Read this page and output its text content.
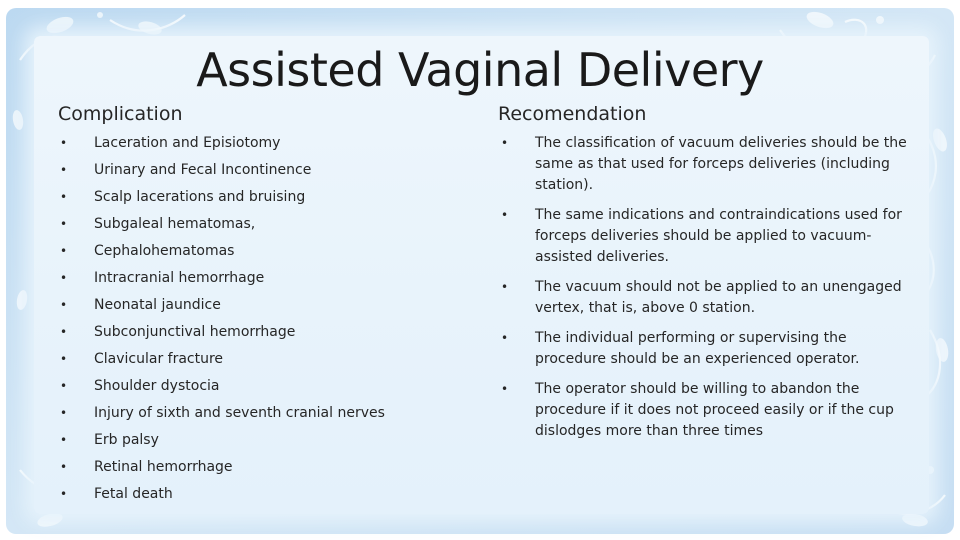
Assisted Vaginal Delivery
Complication	Recomendation
• Laceration and Episiotomy
• Urinary and Fecal Incontinence
• Scalp lacerations and bruising
• Subgaleal hematomas,
• Cephalohematomas
• Intracranial hemorrhage
• Neonatal jaundice
• Subconjunctival hemorrhage
• Clavicular fracture
• Shoulder dystocia
• Injury of sixth and seventh cranial nerves
• Erb palsy
• Retinal hemorrhage
• Fetal death
• The classification of vacuum deliveries should be the same as that used for forceps deliveries (including station).
• The same indications and contraindications used for forceps deliveries should be applied to vacuum-assisted deliveries.
• The vacuum should not be applied to an unengaged vertex, that is, above 0 station.
• The individual performing or supervising the procedure should be an experienced operator.
• The operator should be willing to abandon the procedure if it does not proceed easily or if the cup dislodges more than three times
